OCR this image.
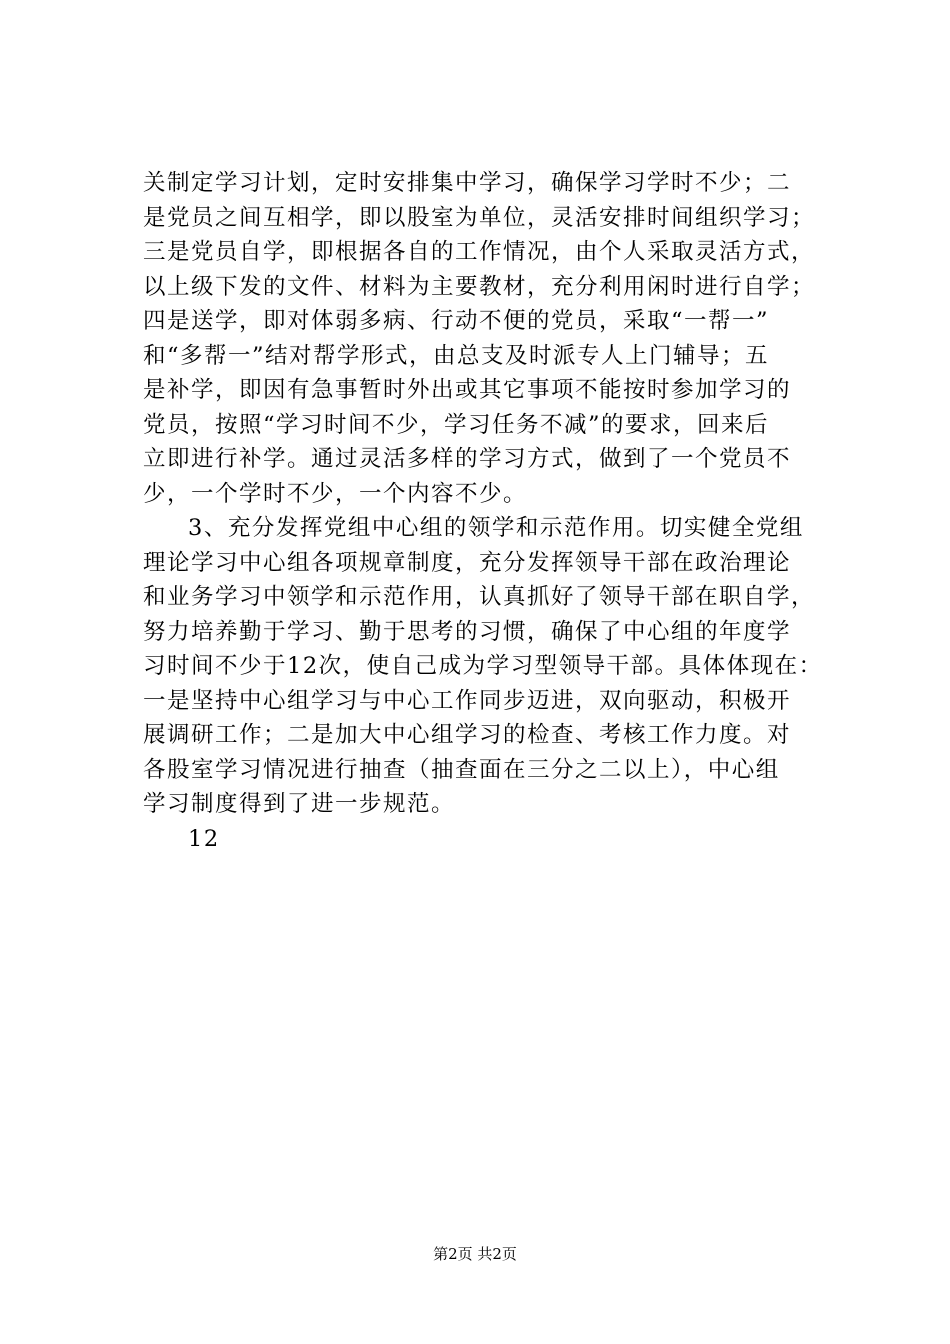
关制定学习计划，定时安排集中学习，确保学习学时不少；二
是党员之间互相学，即以股室为单位，灵活安排时间组织学习；
三是党员自学，即根据各自的工作情况，由个人采取灵活方式，
以上级下发的文件、材料为主要教材，充分利用闲时进行自学；
四是送学，即对体弱多病、行动不便的党员，采取“一帮一”
和“多帮一”结对帮学形式，由总支及时派专人上门辅导；五
是补学，即因有急事暂时外出或其它事项不能按时参加学习的
党员，按照“学习时间不少，学习任务不减”的要求，回来后
立即进行补学。通过灵活多样的学习方式，做到了一个党员不
少，一个学时不少，一个内容不少。
3、充分发挥党组中心组的领学和示范作用。切实健全党组
理论学习中心组各项规章制度，充分发挥领导干部在政治理论
和业务学习中领学和示范作用，认真抓好了领导干部在职自学，
努力培养勤于学习、勤于思考的习惯，确保了中心组的年度学
习时间不少于12次，使自己成为学习型领导干部。具体体现在：
一是坚持中心组学习与中心工作同步迈进，双向驱动，积极开
展调研工作；二是加大中心组学习的检查、考核工作力度。对
各股室学习情况进行抽查（抽查面在三分之二以上），中心组
学习制度得到了进一步规范。
12
第2页 共2页
